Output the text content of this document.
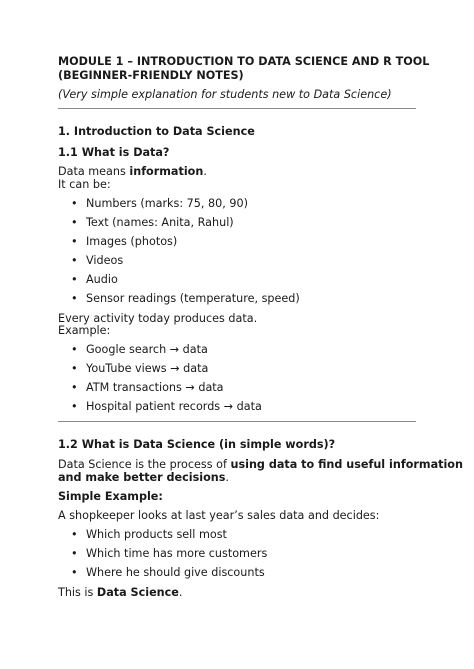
MODULE 1 – INTRODUCTION TO DATA SCIENCE AND R TOOL
(BEGINNER-FRIENDLY NOTES)
(Very simple explanation for students new to Data Science)
1. Introduction to Data Science
1.1 What is Data?
Data means information.
It can be:
• Numbers (marks: 75, 80, 90)
• Text (names: Anita, Rahul)
• Images (photos)
• Videos
• Audio
• Sensor readings (temperature, speed)
Every activity today produces data.
Example:
• Google search → data
• YouTube views → data
• ATM transactions → data
• Hospital patient records → data
1.2 What is Data Science (in simple words)?
Data Science is the process of using data to find useful information
and make better decisions.
Simple Example:
A shopkeeper looks at last year’s sales data and decides:
• Which products sell most
• Which time has more customers
• Where he should give discounts
This is Data Science.
